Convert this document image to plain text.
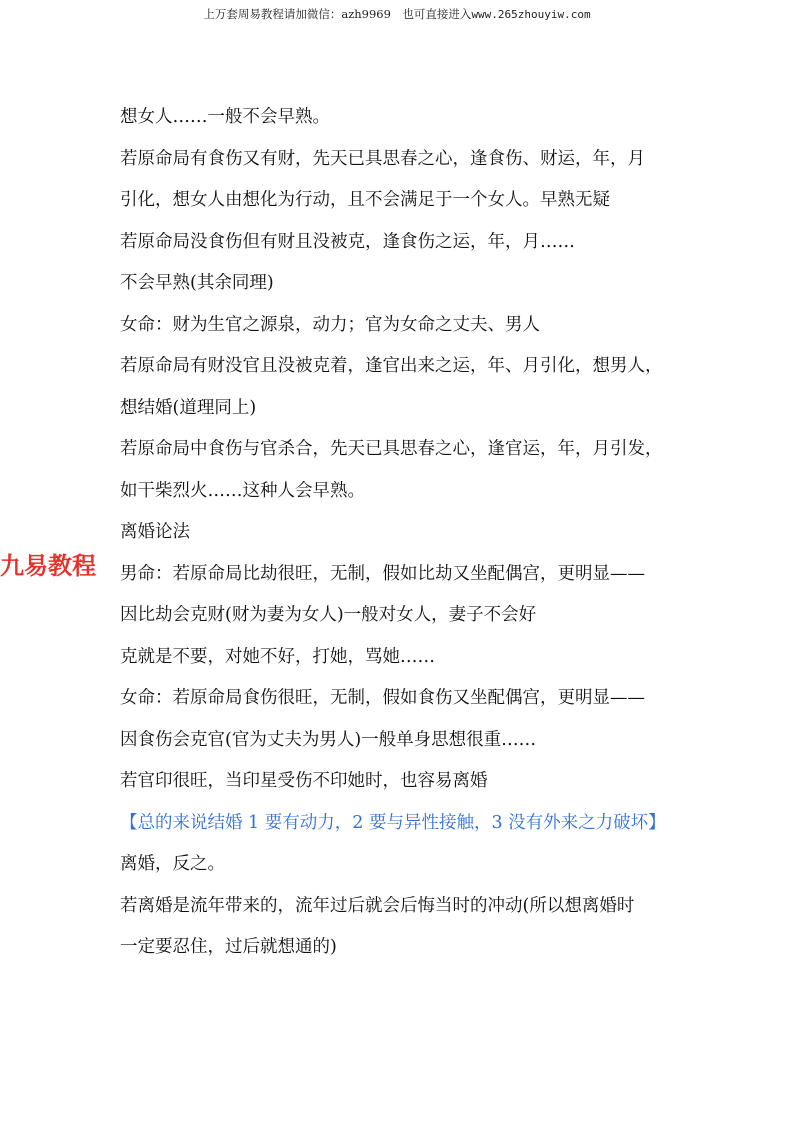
上万套周易教程请加微信：azh9969　也可直接进入www.265zhouyiw.com
九易教程
想女人……一般不会早熟。
若原命局有食伤又有财，先天已具思春之心，逢食伤、财运，年，月
引化，想女人由想化为行动，且不会满足于一个女人。早熟无疑
若原命局没食伤但有财且没被克，逢食伤之运，年，月……
不会早熟(其余同理)
女命：财为生官之源泉，动力；官为女命之丈夫、男人
若原命局有财没官且没被克着，逢官出来之运，年、月引化，想男人，
想结婚(道理同上)
若原命局中食伤与官杀合，先天已具思春之心，逢官运，年，月引发，
如干柴烈火……这种人会早熟。
离婚论法
男命：若原命局比劫很旺，无制，假如比劫又坐配偶宫，更明显——
因比劫会克财(财为妻为女人)一般对女人，妻子不会好
克就是不要，对她不好，打她，骂她……
女命：若原命局食伤很旺，无制，假如食伤又坐配偶宫，更明显——
因食伤会克官(官为丈夫为男人)一般单身思想很重……
若官印很旺，当印星受伤不印她时，也容易离婚
【总的来说结婚 1 要有动力，2 要与异性接触，3 没有外来之力破坏】
离婚，反之。
若离婚是流年带来的，流年过后就会后悔当时的冲动(所以想离婚时
一定要忍住，过后就想通的)
